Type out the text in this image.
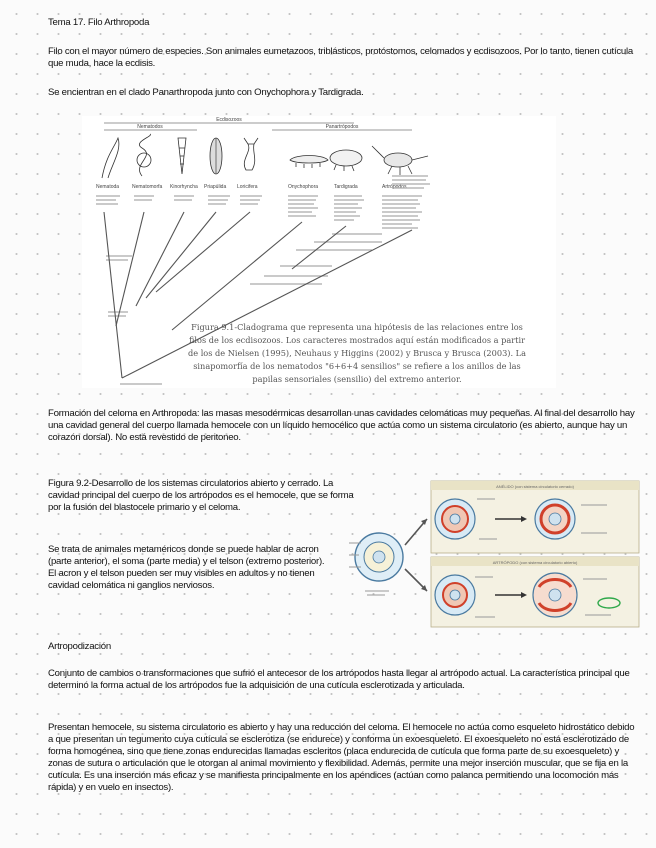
Tema 17. Filo Arthropoda

Filo con el mayor número de especies. Son animales eumetazoos, triblásticos, protóstomos, celomados y ecdisozoos. Por lo tanto, tienen cutícula que muda, hace la ecdisis.

Se encientran en el clado Panarthropoda junto con Onychophora y Tardigrada.

Ecdisozoos
Nematodos	Panartrópodos
Nematoda	Nematomorfa Kinorhyncha Priapúlida Loricifera	Onychophora	Tardigrada	Artrópodos
Figura 9.1-Cladograma que representa una hipótesis de las relaciones entre los
filos de los ecdisozoos. Los caracteres mostrados aquí están modificados a partir
de los de Nielsen (1995), Neuhaus y Higgins (2002) y Brusca y Brusca (2003). La
sinapomorfía de los nematodos "6+6+4 sensilios" se refiere a los anillos de las
papilas sensoriales (sensilio) del extremo anterior.

Formación del celoma en Arthropoda: las masas mesodérmicas desarrollan unas cavidades celomáticas muy pequeñas. Al final del desarrollo hay una cavidad general del cuerpo llamada hemocele con un líquido hemocélico que actúa como un sistema circulatorio (es abierto, aunque hay un corazón dorsal). No está revestido de peritoneo.

Figura 9.2-Desarrollo de los sistemas circulatorios abierto y cerrado. La cavidad principal del cuerpo de los artrópodos es el hemocele, que se forma por la fusión del blastocele primario y el celoma.

Se trata de animales metaméricos donde se puede hablar de acron (parte anterior), el soma (parte media) y el telson (extremo posterior). El acron y el telson pueden ser muy visibles en adultos y no tienen cavidad celomática ni ganglios nerviosos.

ANÉLIDO (con sistema circulatorio cerrado)
ARTRÓPODO (con sistema circulatorio abierto)
Artropodización

Conjunto de cambios o transformaciones que sufrió el antecesor de los artrópodos hasta llegar al artrópodo actual. La característica principal que determinó la forma actual de los artrópodos fue la adquisición de una cutícula esclerotizada y articulada.

Presentan hemocele, su sistema circulatorio es abierto y hay una reducción del celoma. El hemocele no actúa como esqueleto hidrostático debido a que presentan un tegumento cuya cutícula se esclerotiza (se endurece) y conforma un exoesqueleto. El exoesqueleto no está esclerotizado de forma homogénea, sino que tiene zonas endurecidas llamadas escleritos (placa endurecida de cutícula que forma parte de su exoesqueleto) y zonas de sutura o articulación que le otorgan al animal movimiento y flexibilidad. Además, permite una mejor inserción muscular, que se fija en la cutícula. Es una inserción más eficaz y se manifiesta principalmente en los apéndices (actúan como palanca permitiendo una locomoción más rápida) y en vuelo en insectos).
